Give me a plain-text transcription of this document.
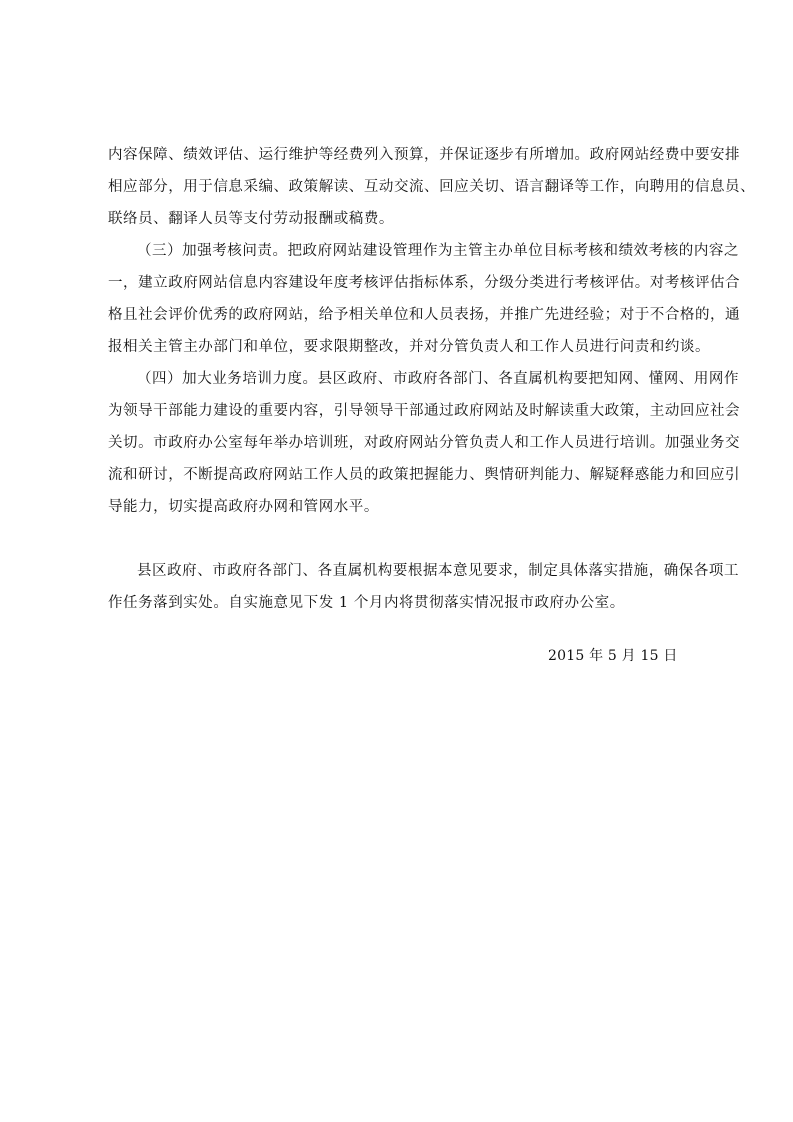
内容保障、绩效评估、运行维护等经费列入预算，并保证逐步有所增加。政府网站经费中要安排
相应部分，用于信息采编、政策解读、互动交流、回应关切、语言翻译等工作，向聘用的信息员、
联络员、翻译人员等支付劳动报酬或稿费。
（三）加强考核问责。把政府网站建设管理作为主管主办单位目标考核和绩效考核的内容之
一，建立政府网站信息内容建设年度考核评估指标体系，分级分类进行考核评估。对考核评估合
格且社会评价优秀的政府网站，给予相关单位和人员表扬，并推广先进经验；对于不合格的，通
报相关主管主办部门和单位，要求限期整改，并对分管负责人和工作人员进行问责和约谈。
（四）加大业务培训力度。县区政府、市政府各部门、各直属机构要把知网、懂网、用网作
为领导干部能力建设的重要内容，引导领导干部通过政府网站及时解读重大政策，主动回应社会
关切。市政府办公室每年举办培训班，对政府网站分管负责人和工作人员进行培训。加强业务交
流和研讨，不断提高政府网站工作人员的政策把握能力、舆情研判能力、解疑释惑能力和回应引
导能力，切实提高政府办网和管网水平。
县区政府、市政府各部门、各直属机构要根据本意见要求，制定具体落实措施，确保各项工
作任务落到实处。自实施意见下发 1 个月内将贯彻落实情况报市政府办公室。
2015 年 5 月 15 日
